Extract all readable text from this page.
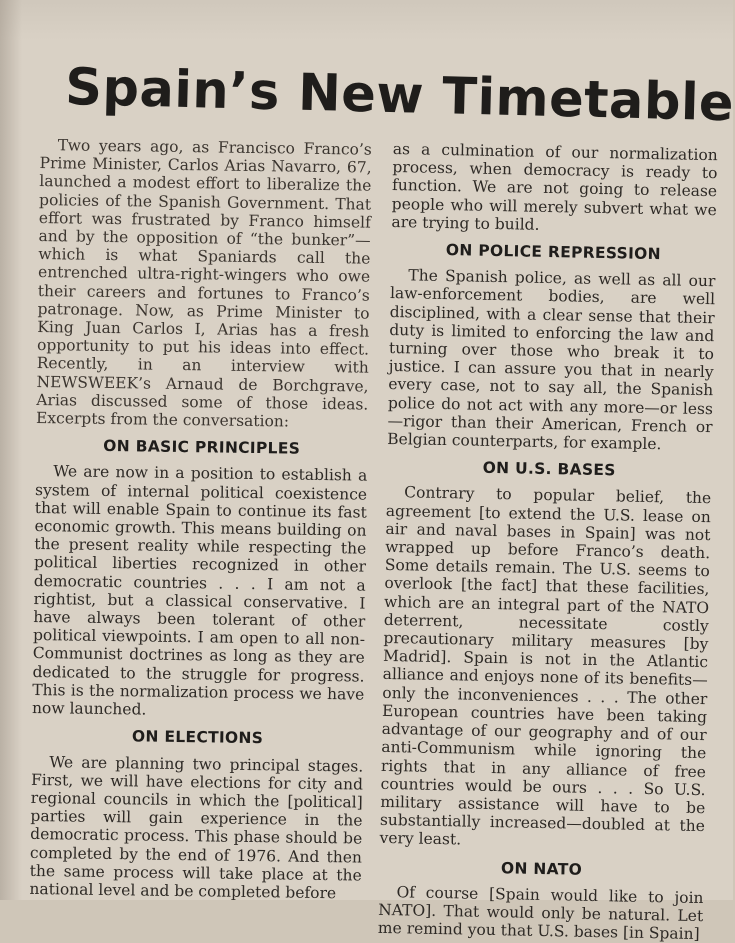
Spain’s New Timetable

Two years ago, as Francisco Franco’s Prime Minister, Carlos Arias Navarro, 67, launched a modest effort to liberalize the policies of the Spanish Government. That effort was frustrated by Franco himself and by the opposition of “the bunker”—which is what Spaniards call the entrenched ultra-right-wingers who owe their careers and fortunes to Franco’s patronage. Now, as Prime Minister to King Juan Carlos I, Arias has a fresh opportunity to put his ideas into effect. Recently, in an interview with NEWSWEEK’s Arnaud de Borchgrave, Arias discussed some of those ideas. Excerpts from the conversation:

ON BASIC PRINCIPLES

We are now in a position to establish a system of internal political coexistence that will enable Spain to continue its fast economic growth. This means building on the present reality while respecting the political liberties recognized in other democratic countries . . . I am not a rightist, but a classical conservative. I have always been tolerant of other political viewpoints. I am open to all non-Communist doctrines as long as they are dedicated to the struggle for progress. This is the normalization process we have now launched.

ON ELECTIONS

We are planning two principal stages. First, we will have elections for city and regional councils in which the [political] parties will gain experience in the democratic process. This phase should be completed by the end of 1976. And then the same process will take place at the national level and be completed before

as a culmination of our normalization process, when democracy is ready to function. We are not going to release people who will merely subvert what we are trying to build.

ON POLICE REPRESSION

The Spanish police, as well as all our law-enforcement bodies, are well disciplined, with a clear sense that their duty is limited to enforcing the law and turning over those who break it to justice. I can assure you that in nearly every case, not to say all, the Spanish police do not act with any more—or less—rigor than their American, French or Belgian counterparts, for example.

ON U.S. BASES

Contrary to popular belief, the agreement [to extend the U.S. lease on air and naval bases in Spain] was not wrapped up before Franco’s death. Some details remain. The U.S. seems to overlook [the fact] that these facilities, which are an integral part of the NATO deterrent, necessitate costly precautionary military measures [by Madrid]. Spain is not in the Atlantic alliance and enjoys none of its benefits—only the inconveniences . . . The other European countries have been taking advantage of our geography and of our anti-Communism while ignoring the rights that in any alliance of free countries would be ours . . . So U.S. military assistance will have to be substantially increased—doubled at the very least.

ON NATO

Of course [Spain would like to join NATO]. That would only be natural. Let me remind you that U.S. bases [in Spain]
